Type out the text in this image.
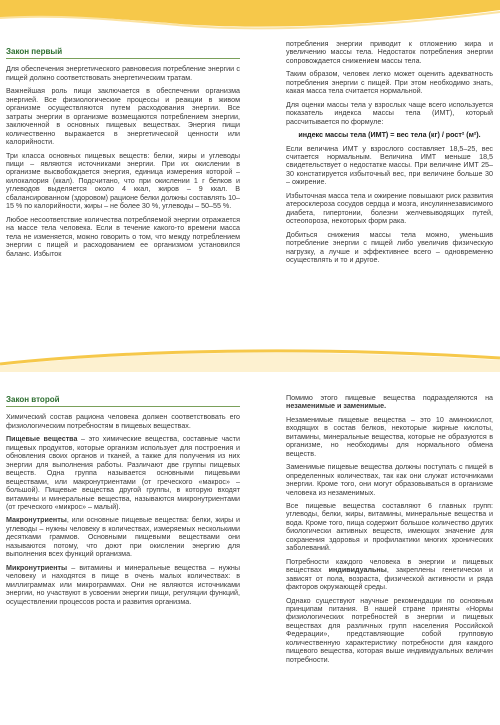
Закон первый

Для обеспечения энергетического равновесия потребление энергии с пищей должно соответствовать энергетическим тратам.

Важнейшая роль пищи заключается в обеспечении организма энергией. Все физиологические процессы и реакции в живом организме осуществляются путем расходования энергии. Все затраты энергии в организме возмещаются потреблением энергии, заключенной в основных пищевых веществах. Энергия пищи количественно выражается в энергетической ценности или калорийности.

Три класса основных пищевых веществ: белки, жиры и углеводы пищи – являются источниками энергии. При их окислении в организме высвобождается энергия, единица измерения которой – килокалория (ккал). Подсчитано, что при окислении 1 г белков и углеводов выделяется около 4 ккал, жиров – 9 ккал. В сбалансированном (здоровом) рационе белки должны составлять 10–15 % по калорийности, жиры – не более 30 %, углеводы – 50–55 %.

Любое несоответствие количества потребляемой энергии отражается на массе тела человека. Если в течение какого-то времени масса тела не изменяется, можно говорить о том, что между потреблением энергии с пищей и расходованием ее организмом установился баланс. Избыток

потребления энергии приводит к отложению жира и увеличению массы тела. Недостаток потребления энергии сопровождается снижением массы тела.

Таким образом, человек легко может оценить адекватность потребления энергии с пищей. При этом необходимо знать, какая масса тела считается нормальной.

Для оценки массы тела у взрослых чаще всего используется показатель индекса массы тела (ИМТ), который рассчитывается по формуле:

индекс массы тела (ИМТ) = вес тела (кг) / рост² (м²).

Если величина ИМТ у взрослого составляет 18,5–25, вес считается нормальным. Величина ИМТ меньше 18,5 свидетельствует о недостатке массы. При величине ИМТ 25–30 констатируется избыточный вес, при величине больше 30 – ожирение.

Избыточная масса тела и ожирение повышают риск развития атеросклероза сосудов сердца и мозга, инсулиннезависимого диабета, гипертонии, болезни желчевыводящих путей, остеопороза, некоторых форм рака.

Добиться снижения массы тела можно, уменьшив потребление энергии с пищей либо увеличив физическую нагрузку, а лучше и эффективнее всего – одновременно осуществлять и то и другое.

Закон второй

Химический состав рациона человека должен соответствовать его физиологическим потребностям в пищевых веществах.

Пищевые вещества – это химические вещества, составные части пищевых продуктов, которые организм использует для построения и обновления своих органов и тканей, а также для получения из них энергии для выполнения работы. Различают две группы пищевых веществ. Одна группа называется основными пищевыми веществами, или макронутриентами (от греческого «макрос» – большой). Пищевые вещества другой группы, в которую входят витамины и минеральные вещества, называются микронутриентами (от греческого «микрос» – малый).

Макронутриенты, или основные пищевые вещества: белки, жиры и углеводы – нужны человеку в количествах, измеряемых несколькими десятками граммов. Основными пищевыми веществами они называются потому, что доют при окислении энергию для выполнения всех функций организма.

Микронутриенты – витамины и минеральные вещества – нужны человеку и находятся в пище в очень малых количествах: в миллиграммах или микрограммах. Они не являются источниками энергии, но участвуют в усвоении энергии пищи, регуляции функций, осуществлении процессов роста и развития организма.

Помимо этого пищевые вещества подразделяются на незаменимые и заменимые.

Незаменимые пищевые вещества – это 10 аминокислот, входящих в состав белков, некоторые жирные кислоты, витамины, минеральные вещества, которые не образуются в организме, но необходимы для нормального обмена веществ.

Заменимые пищевые вещества должны поступать с пищей в определенных количествах, так как они служат источниками энергии. Кроме того, они могут образовываться в организме человека из незаменимых.

Все пищевые вещества составляют 6 главных групп: углеводы, белки, жиры, витамины, минеральные вещества и вода. Кроме того, пища содержит большое количество других биологически активных веществ, имеющих значение для сохранения здоровья и профилактики многих хронических заболеваний.

Потребности каждого человека в энергии и пищевых веществах индивидуальны, закреплены генетически и зависят от пола, возраста, физической активности и ряда факторов окружающей среды.

Однако существуют научные рекомендации по основным принципам питания. В нашей стране приняты «Нормы физиологических потребностей в энергии и пищевых веществах для различных групп населения Российской Федерации», представляющие собой групповую количественную характеристику потребности для каждого пищевого вещества, которая выше индивидуальных величин потребности.
